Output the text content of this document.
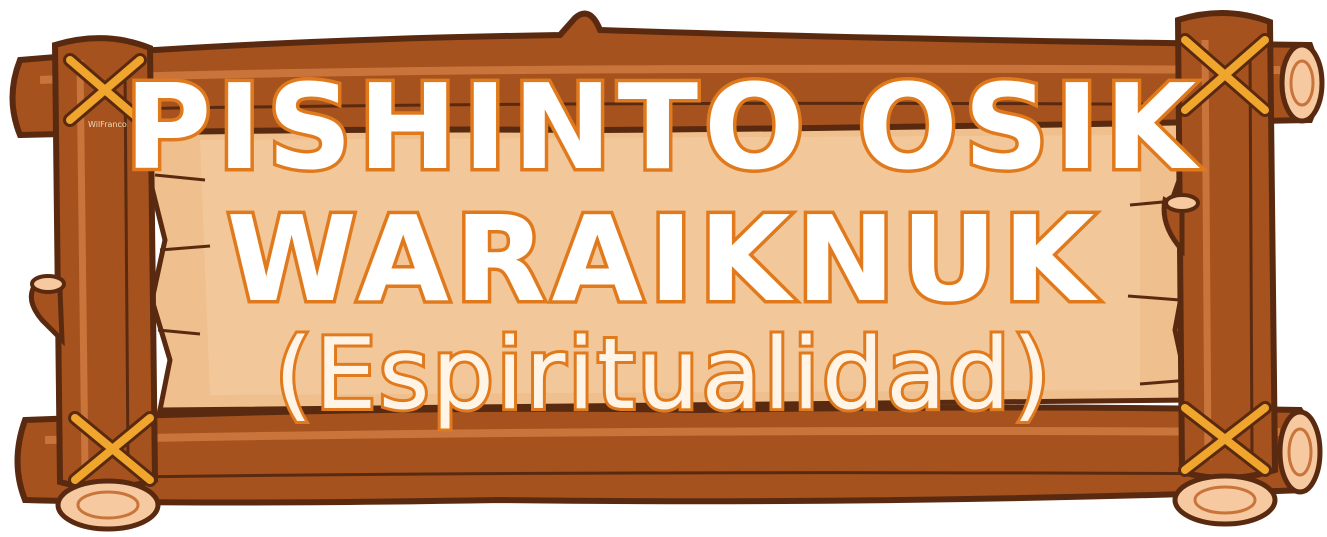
WilFranco
PISHINTO OSIK
WARAIKNUK
(Espiritualidad)
